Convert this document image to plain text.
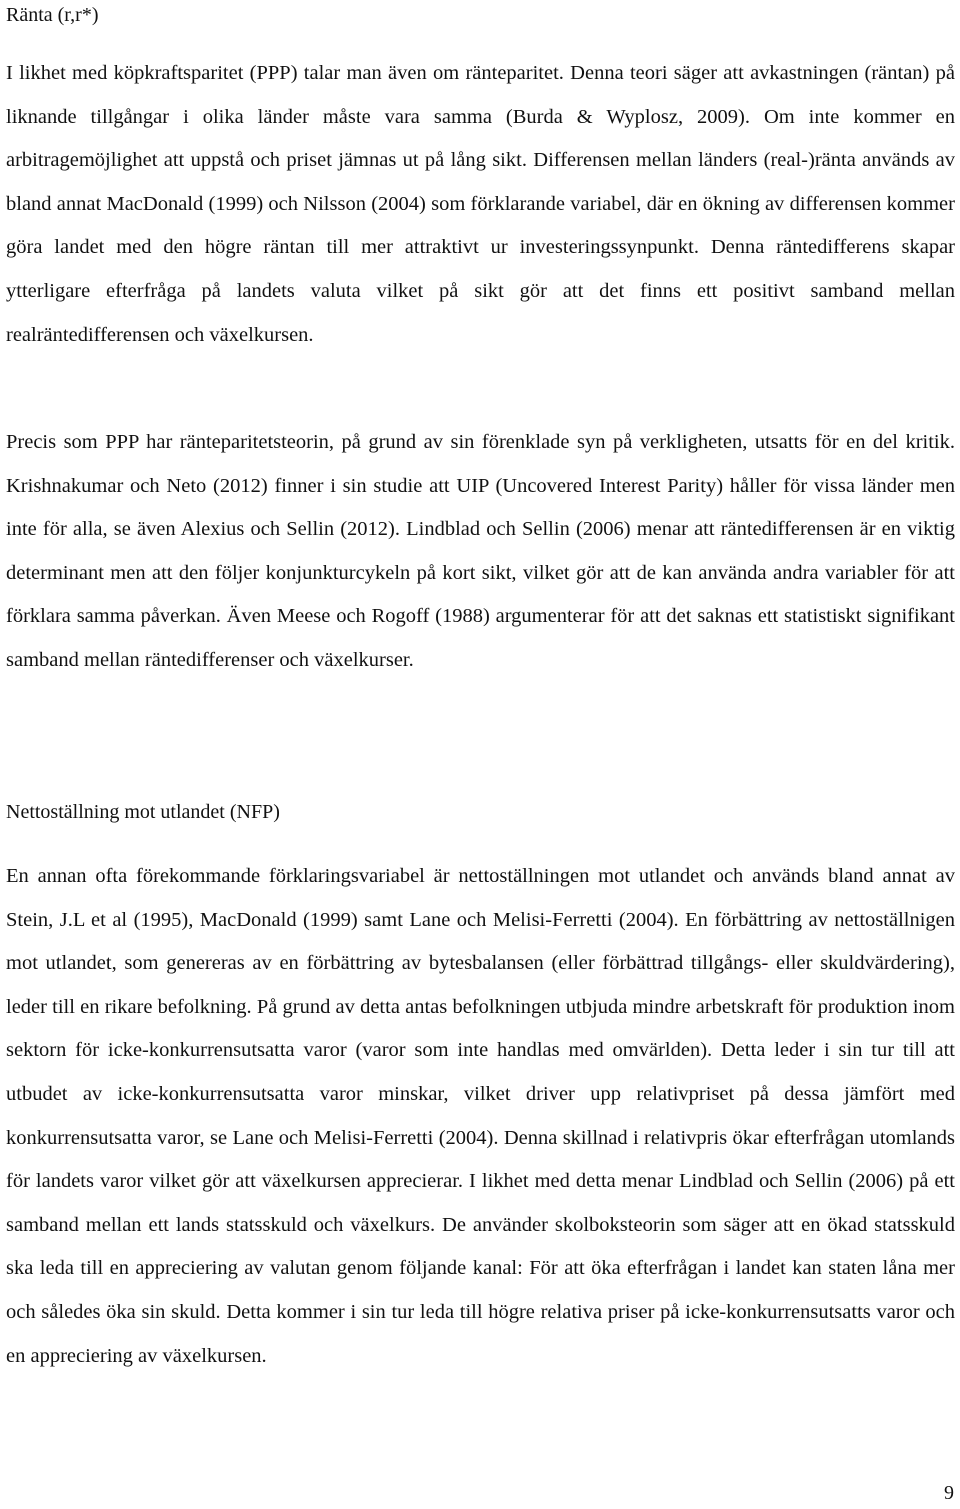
Ränta (r,r*)

I likhet med köpkraftsparitet (PPP) talar man även om ränteparitet. Denna teori säger att avkastningen (räntan) på liknande tillgångar i olika länder måste vara samma (Burda & Wyplosz, 2009). Om inte kommer en arbitragemöjlighet att uppstå och priset jämnas ut på lång sikt. Differensen mellan länders (real-)ränta används av bland annat MacDonald (1999) och Nilsson (2004) som förklarande variabel, där en ökning av differensen kommer göra landet med den högre räntan till mer attraktivt ur investeringssynpunkt. Denna räntedifferens skapar ytterligare efterfråga på landets valuta vilket på sikt gör att det finns ett positivt samband mellan realräntedifferensen och växelkursen.

Precis som PPP har ränteparitetsteorin, på grund av sin förenklade syn på verkligheten, utsatts för en del kritik. Krishnakumar och Neto (2012) finner i sin studie att UIP (Uncovered Interest Parity) håller för vissa länder men inte för alla, se även Alexius och Sellin (2012). Lindblad och Sellin (2006) menar att räntedifferensen är en viktig determinant men att den följer konjunkturcykeln på kort sikt, vilket gör att de kan använda andra variabler för att förklara samma påverkan. Även Meese och Rogoff (1988) argumenterar för att det saknas ett statistiskt signifikant samband mellan räntedifferenser och växelkurser.

Nettoställning mot utlandet (NFP)

En annan ofta förekommande förklaringsvariabel är nettoställningen mot utlandet och används bland annat av Stein, J.L et al (1995), MacDonald (1999) samt Lane och Melisi-Ferretti (2004). En förbättring av nettoställnigen mot utlandet, som genereras av en förbättring av bytesbalansen (eller förbättrad tillgångs- eller skuldvärdering), leder till en rikare befolkning. På grund av detta antas befolkningen utbjuda mindre arbetskraft för produktion inom sektorn för icke-konkurrensutsatta varor (varor som inte handlas med omvärlden). Detta leder i sin tur till att utbudet av icke-konkurrensutsatta varor minskar, vilket driver upp relativpriset på dessa jämfört med konkurrensutsatta varor, se Lane och Melisi-Ferretti (2004). Denna skillnad i relativpris ökar efterfrågan utomlands för landets varor vilket gör att växelkursen apprecierar. I likhet med detta menar Lindblad och Sellin (2006) på ett samband mellan ett lands statsskuld och växelkurs. De använder skolboksteorin som säger att en ökad statsskuld ska leda till en appreciering av valutan genom följande kanal: För att öka efterfrågan i landet kan staten låna mer och således öka sin skuld. Detta kommer i sin tur leda till högre relativa priser på icke-konkurrensutsatts varor och en appreciering av växelkursen.

9
